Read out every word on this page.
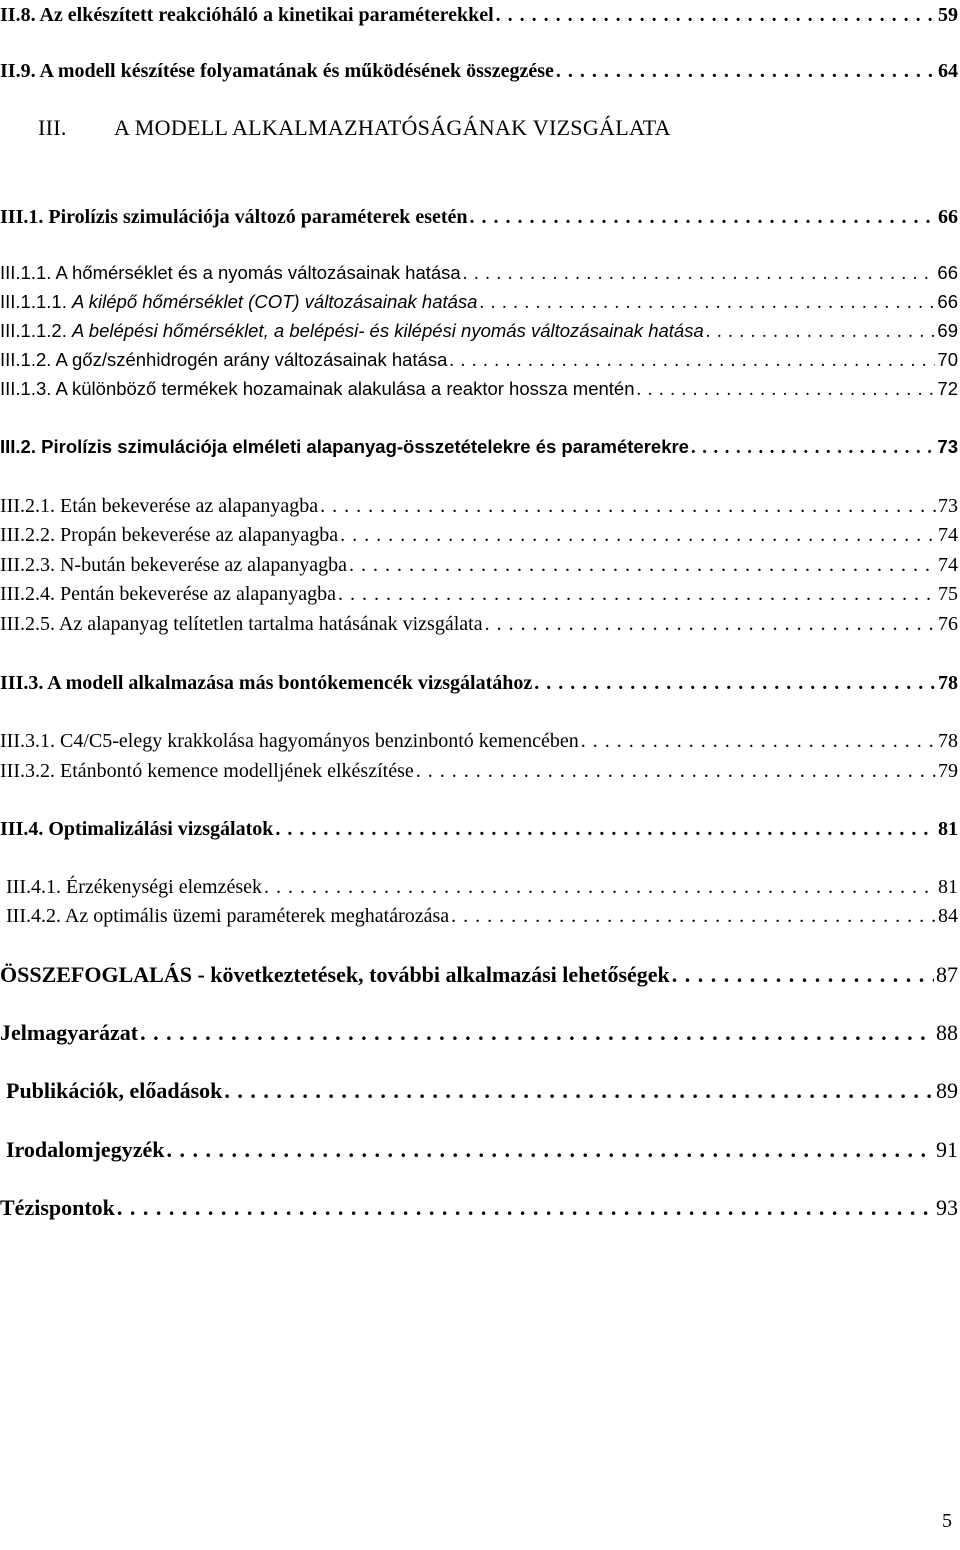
II.8. Az elkészített reakcióháló a kinetikai paraméterekkel . . .	59
II.9. A modell készítése folyamatának és működésének összegzése . . .	64
III. A MODELL ALKALMAZHATÓSÁGÁNAK VIZSGÁLATA
III.1. Pirolízis szimulációja változó paraméterek esetén . . .	66
III.1.1. A hőmérséklet és a nyomás változásainak hatása . . .	66
III.1.1.1. A kilépő hőmérséklet (COT) változásainak hatása . . .	66
III.1.1.2. A belépési hőmérséklet, a belépési- és kilépési nyomás változásainak hatása . . .	69
III.1.2. A gőz/szénhidrogén arány változásainak hatása . . .	70
III.1.3. A különböző termékek hozamainak alakulása a reaktor hossza mentén . . .	72
III.2. Pirolízis szimulációja elméleti alapanyag-összetételekre és paraméterekre . . .	73
III.2.1. Etán bekeverése az alapanyagba . . .	73
III.2.2. Propán bekeverése az alapanyagba . . .	74
III.2.3. N-bután bekeverése az alapanyagba . . .	74
III.2.4. Pentán bekeverése az alapanyagba . . .	75
III.2.5. Az alapanyag telítetlen tartalma hatásának vizsgálata . . .	76
III.3. A modell alkalmazása más bontókemencék vizsgálatához . . .	78
III.3.1. C4/C5-elegy krakkolása hagyományos benzinbontó kemencében . . .	78
III.3.2. Etánbontó kemence modelljének elkészítése . . .	79
III.4. Optimalizálási vizsgálatok . . .	81
III.4.1. Érzékenységi elemzések . . .	81
III.4.2. Az optimális üzemi paraméterek meghatározása . . .	84
ÖSSZEFOGLALÁS - következtetések, további alkalmazási lehetőségek . . .	87
Jelmagyarázat . . .	88
Publikációk, előadások . . .	89
Irodalomjegyzék . . .	91
Tézispontok . . .	93
5
